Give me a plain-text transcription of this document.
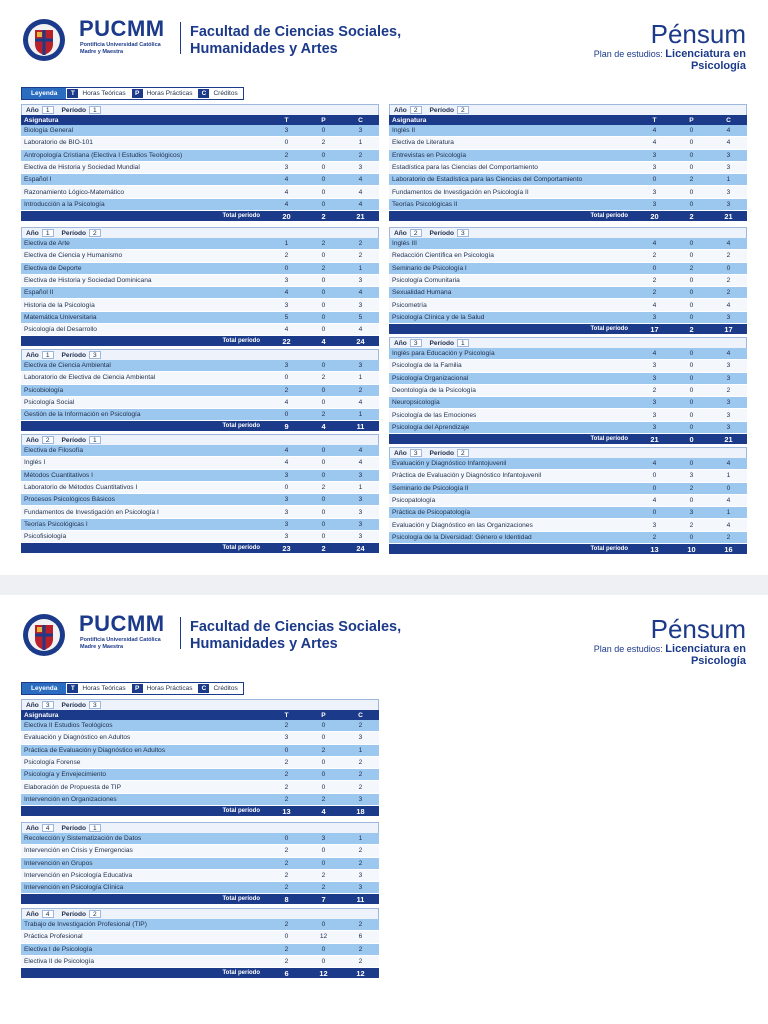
PUCMM
Pontificia Universidad Católica
Madre y Maestra
Facultad de Ciencias Sociales,
Humanidades y Artes	Pénsum
Plan de estudios: Licenciatura en
Psicología
Leyenda	T	Horas Teóricas	P	Horas Prácticas	C	Créditos
Año	1	Período	1
Asignatura	T	P	C
Biología General	3	0	3
Laboratorio de BIO-101	0	2	1
Antropología Cristiana (Electiva I Estudios Teológicos)	2	0	2
Electiva de Historia y Sociedad Mundial	3	0	3
Español I	4	0	4
Razonamiento Lógico-Matemático	4	0	4
Introducción a la Psicología	4	0	4
Total período	20	2	21
Año	1	Período	2
Electiva de Arte	1	2	2
Electiva de Ciencia y Humanismo	2	0	2
Electiva de Deporte	0	2	1
Electiva de Historia y Sociedad Dominicana	3	0	3
Español II	4	0	4
Historia de la Psicología	3	0	3
Matemática Universitaria	5	0	5
Psicología del Desarrollo	4	0	4
Total período	22	4	24
Año	1	Período	3
Electiva de Ciencia Ambiental	3	0	3
Laboratorio de Electiva de Ciencia Ambiental	0	2	1
Psicobiología	2	0	2
Psicología Social	4	0	4
Gestión de la Información en Psicología	0	2	1
Total período	9	4	11
Año	2	Período	1
Electiva de Filosofía	4	0	4
Inglés I	4	0	4
Métodos Cuantitativos I	3	0	3
Laboratorio de Métodos Cuantitativos I	0	2	1
Procesos Psicológicos Básicos	3	0	3
Fundamentos de Investigación en Psicología I	3	0	3
Teorías Psicológicas I	3	0	3
Psicofisiología	3	0	3
Total período	23	2	24
Año	2	Período	2
Asignatura	T	P	C
Inglés II	4	0	4
Electiva de Literatura	4	0	4
Entrevistas en Psicología	3	0	3
Estadística para las Ciencias del Comportamiento	3	0	3
Laboratorio de Estadística para las Ciencias del Comportamiento	0	2	1
Fundamentos de Investigación en Psicología II	3	0	3
Teorías Psicológicas II	3	0	3
Total período	20	2	21
Año	2	Período	3
Inglés III	4	0	4
Redacción Científica en Psicología	2	0	2
Seminario de Psicología I	0	2	0
Psicología Comunitaria	2	0	2
Sexualidad Humana	2	0	2
Psicometría	4	0	4
Psicología Clínica y de la Salud	3	0	3
Total período	17	2	17
Año	3	Período	1
Inglés para Educación y Psicología	4	0	4
Psicología de la Familia	3	0	3
Psicología Organizacional	3	0	3
Deontología de la Psicología	2	0	2
Neuropsicología	3	0	3
Psicología de las Emociones	3	0	3
Psicología del Aprendizaje	3	0	3
Total período	21	0	21
Año	3	Período	2
Evaluación y Diagnóstico Infantojuvenil	4	0	4
Práctica de Evaluación y Diagnóstico Infantojuvenil	0	3	1
Seminario de Psicología II	0	2	0
Psicopatología	4	0	4
Práctica de Psicopatología	0	3	1
Evaluación y Diagnóstico en las Organizaciones	3	2	4
Psicología de la Diversidad: Género e Identidad	2	0	2
Total período	13	10	16
PUCMM
Pontificia Universidad Católica
Madre y Maestra
Facultad de Ciencias Sociales,
Humanidades y Artes	Pénsum
Plan de estudios: Licenciatura en
Psicología
Leyenda	T	Horas Teóricas	P	Horas Prácticas	C	Créditos
Año	3	Período	3
Asignatura	T	P	C
Electiva II Estudios Teológicos	2	0	2
Evaluación y Diagnóstico en Adultos	3	0	3
Práctica de Evaluación y Diagnóstico en Adultos	0	2	1
Psicología Forense	2	0	2
Psicología y Envejecimiento	2	0	2
Elaboración de Propuesta de TIP	2	0	2
Intervención en Organizaciones	2	2	3
Total período	13	4	18
Año	4	Período	1
Recolección y Sistematización de Datos	0	3	1
Intervención en Crisis y Emergencias	2	0	2
Intervención en Grupos	2	0	2
Intervención en Psicología Educativa	2	2	3
Intervención en Psicología Clínica	2	2	3
Total período	8	7	11
Año	4	Período	2
Trabajo de Investigación Profesional (TIP)	2	0	2
Práctica Profesional	0	12	6
Electiva I de Psicología	2	0	2
Electiva II de Psicología	2	0	2
Total período	6	12	12
